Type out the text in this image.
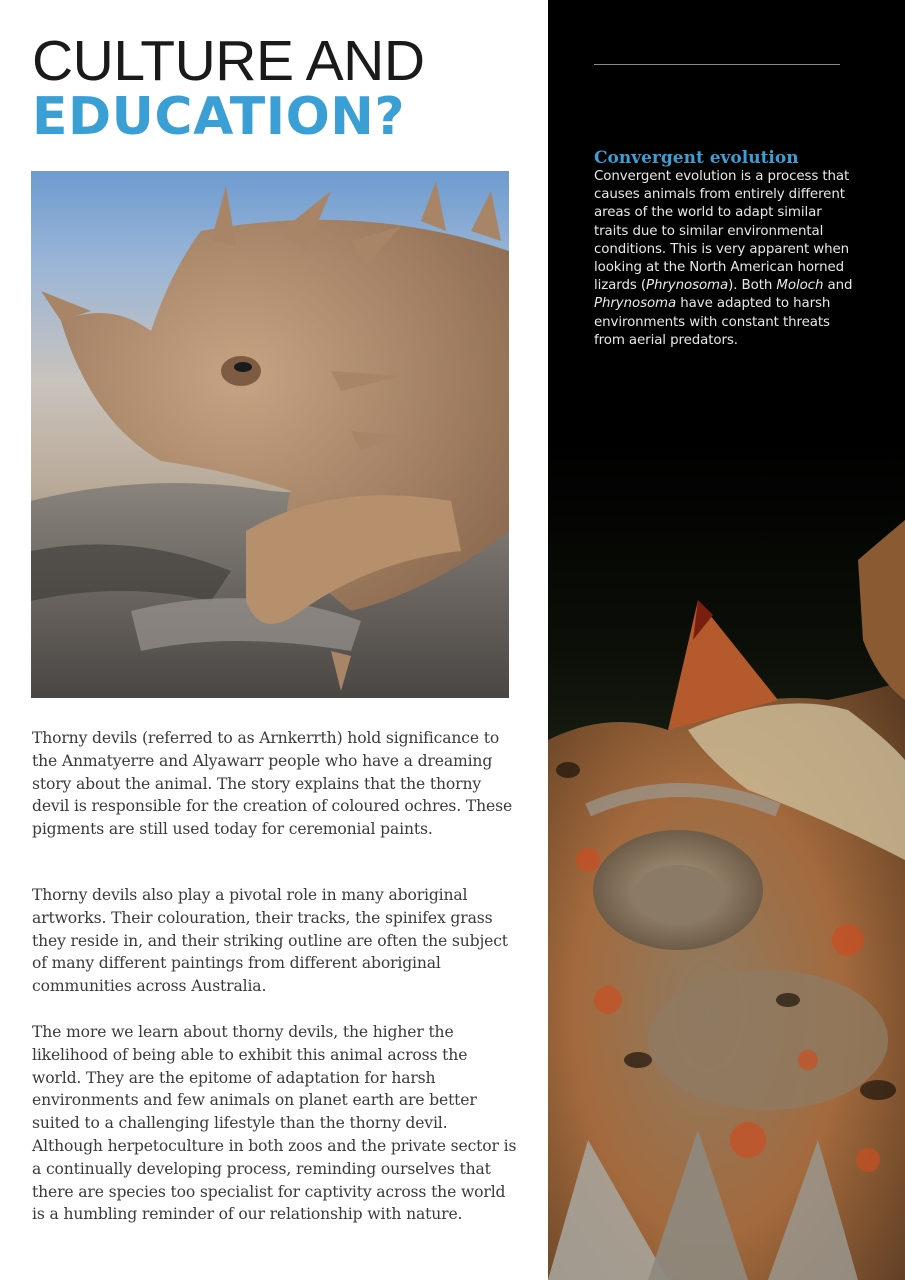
CULTURE AND
EDUCATION?

Thorny devils (referred to as Arnkerrth) hold significance to the Anmatyerre and Alyawarr people who have a dreaming story about the animal. The story explains that the thorny devil is responsible for the creation of coloured ochres. These pigments are still used today for ceremonial paints.

Thorny devils also play a pivotal role in many aboriginal artworks. Their colouration, their tracks, the spinifex grass they reside in, and their striking outline are often the subject of many different paintings from different aboriginal communities across Australia.

The more we learn about thorny devils, the higher the likelihood of being able to exhibit this animal across the world. They are the epitome of adaptation for harsh environments and few animals on planet earth are better suited to a challenging lifestyle than the thorny devil. Although herpetoculture in both zoos and the private sector is a continually developing process, reminding ourselves that there are species too specialist for captivity across the world is a humbling reminder of our relationship with nature.

Convergent evolution

Convergent evolution is a process that causes animals from entirely different areas of the world to adapt similar traits due to similar environmental conditions. This is very apparent when looking at the North American horned lizards (Phrynosoma). Both Moloch and Phrynosoma have adapted to harsh environments with constant threats from aerial predators.
